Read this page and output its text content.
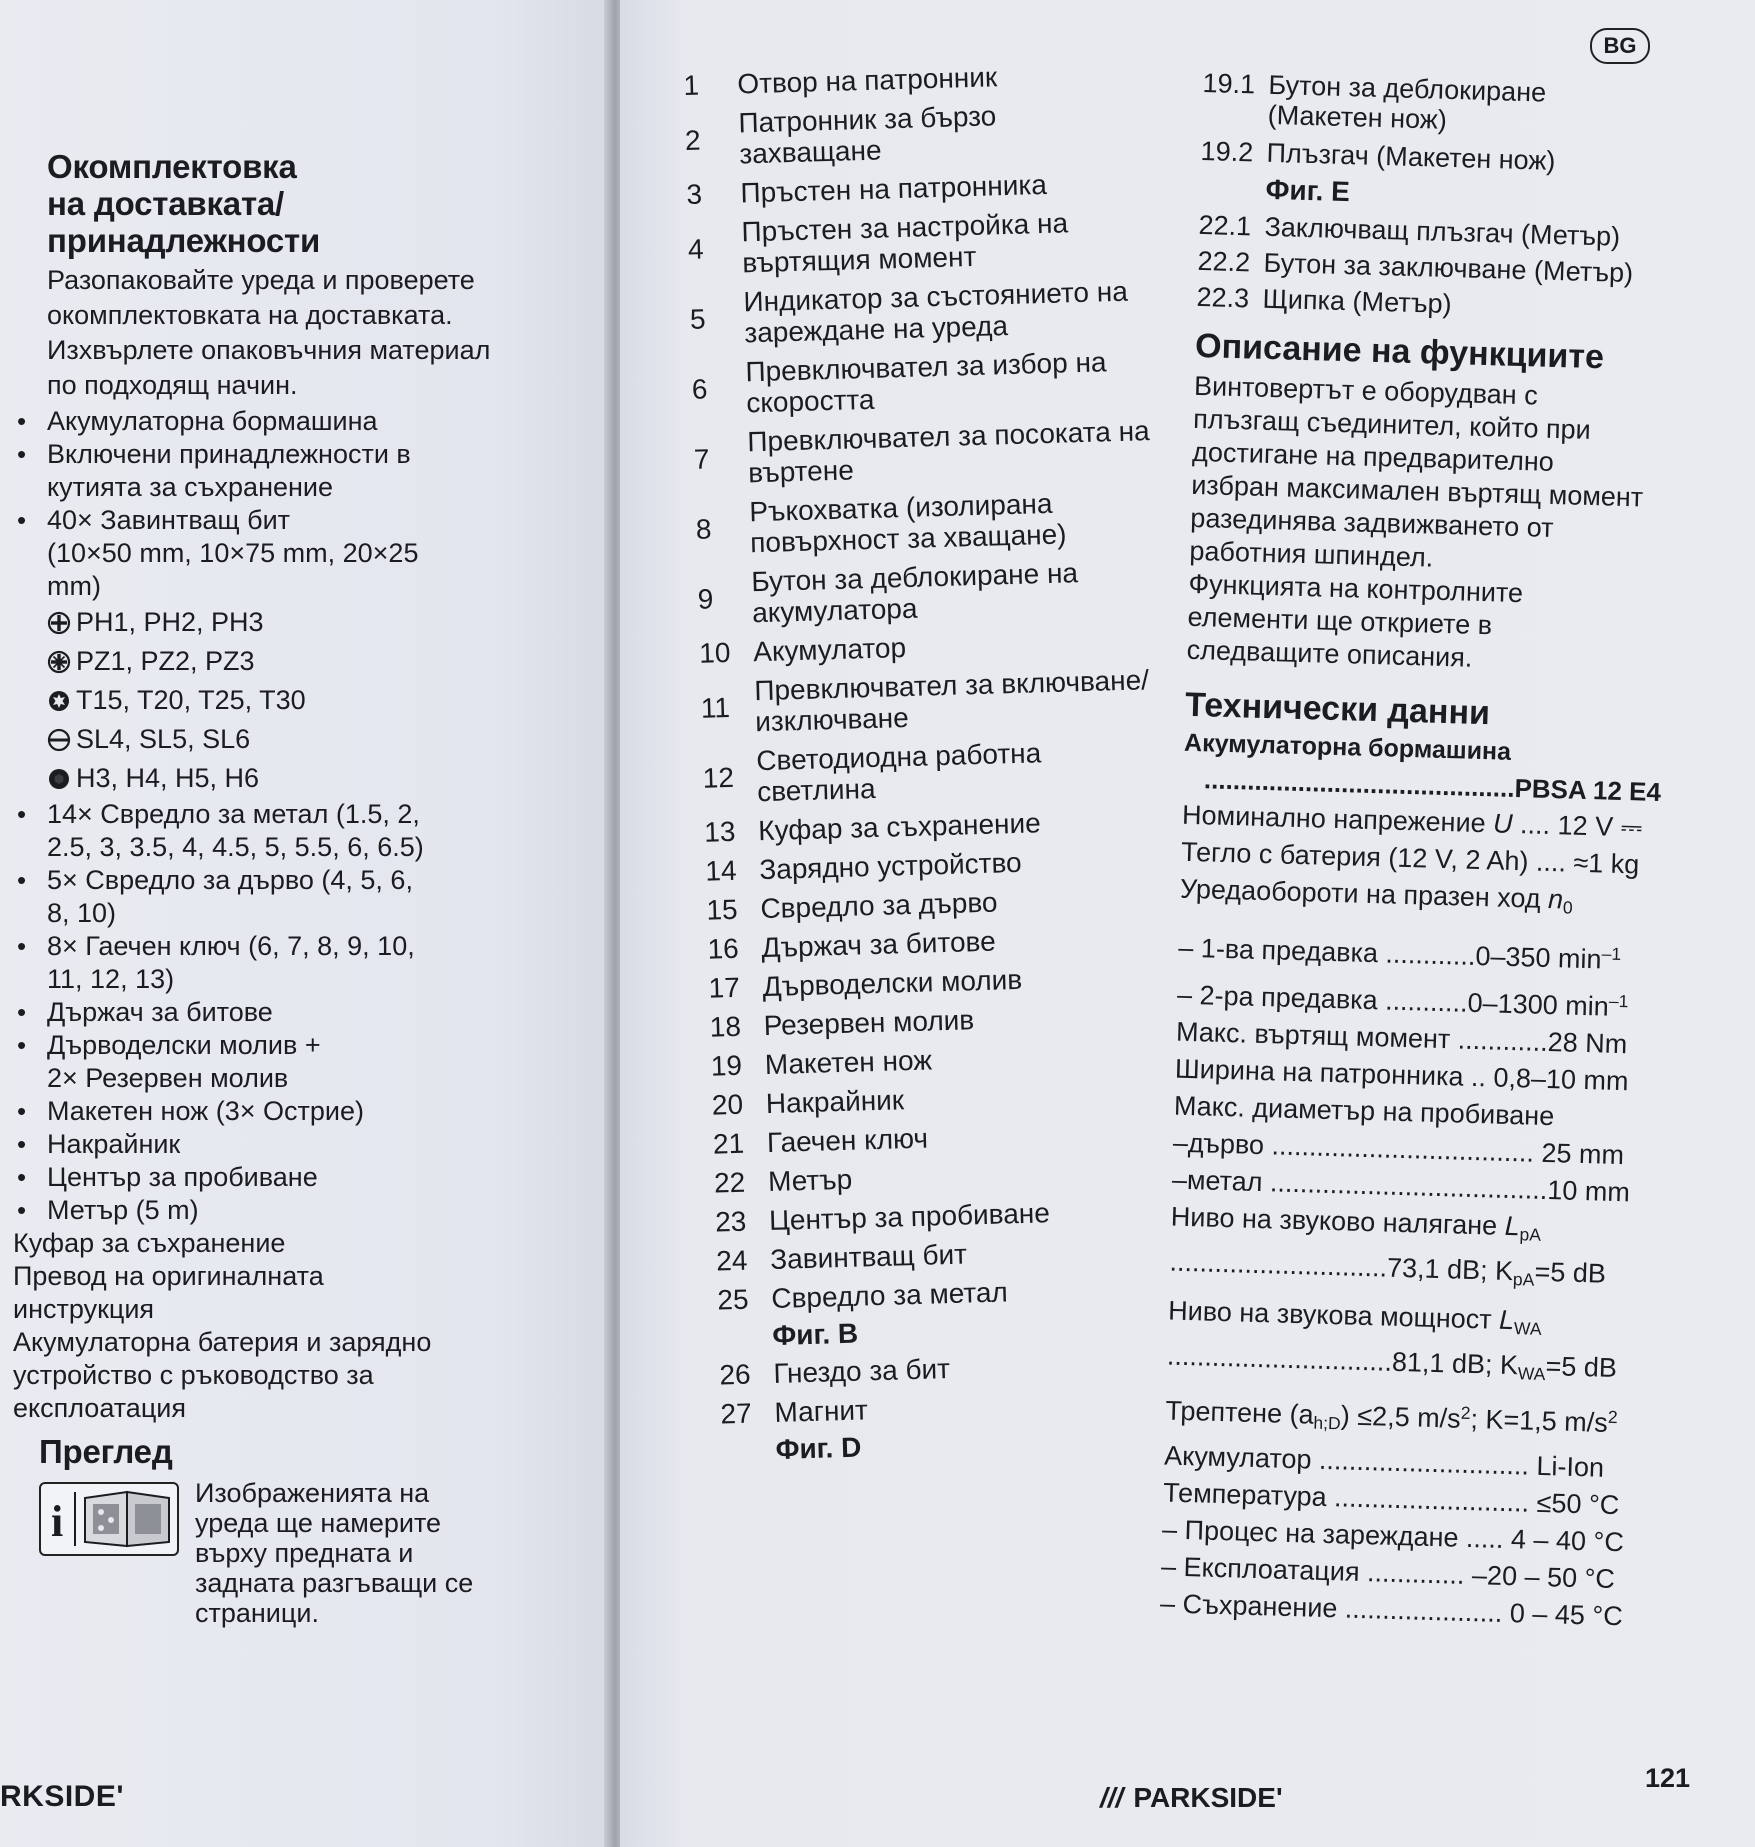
Окомплектовка
на доставката/
принадлежности
Разопаковайте уреда и проверете
окомплектовката на доставката.
Изхвърлете опаковъчния материал
по подходящ начин.
• Акумулаторна бормашина
• Включени принадлежности в
кутията за съхранение
• 40× Завинтващ бит
(10×50 mm, 10×75 mm, 20×25
mm)
PH1, PH2, PH3
PZ1, PZ2, PZ3
T15, T20, T25, T30
SL4, SL5, SL6
H3, H4, H5, H6
• 14× Свредло за метал (1.5, 2,
2.5, 3, 3.5, 4, 4.5, 5, 5.5, 6, 6.5)
• 5× Свредло за дърво (4, 5, 6,
8, 10)
• 8× Гаечен ключ (6, 7, 8, 9, 10,
11, 12, 13)
• Държач за битове
• Дърводелски молив +
2× Резервен молив
• Макетен нож (3× Острие)
• Накрайник
• Център за пробиване
• Метър (5 m)
• Куфар за съхранение
• Превод на оригиналната
инструкция
• Акумулаторна батерия и зарядно
устройство с ръководство за
експлоатация
Преглед
i
Изображенията на
уреда ще намерите
върху предната и
задната разгъващи се
страници.
RKSIDE'
BG
1	Отвор на патронник
2
Патронник за бързо
захващане
3	Пръстен на патронника
4
Пръстен за настройка на
въртящия момент
5
Индикатор за състоянието на
зареждане на уреда
6
Превключвател за избор на
скоростта
7
Превключвател за посоката на
въртене
8
Ръкохватка (изолирана
повърхност за хващане)
9
Бутон за деблокиране на
акумулатора
10 Акумулатор
11
Превключвател за включване/
изключване
12
Светодиодна работна
светлина
13 Куфар за съхранение
14 Зарядно устройство
15 Свредло за дърво
16 Държач за битове
17 Дърводелски молив
18 Резервен молив
19 Макетен нож
20 Накрайник
21 Гаечен ключ
22 Метър
23 Център за пробиване
24 Завинтващ бит
25 Свредло за метал
Фиг. B
26 Гнездо за бит
27 Магнит
Фиг. D
19.1 Бутон за деблокиране
(Макетен нож)
19.2 Плъзгач (Макетен нож)
Фиг. E
22.1 Заключващ плъзгач (Метър)
22.2 Бутон за заключване (Метър)
22.3 Щипка (Метър)
Описание на функциите
Винтовертът е оборудван с
плъзгащ съединител, който при
достигане на предварително
избран максимален въртящ момент
разединява задвижването от
работния шпиндел.
Функцията на контролните
елементи ще откриете в
следващите описания.
Технически данни
Акумулаторна бормашина
...........................................PBSA 12 E4
Номинално напрежение U .... 12 V ⎓
Тегло с батерия (12 V, 2 Ah) .... ≈1 kg
Уредаобороти на празен ход $n_0$
– 1-ва предавка ............0–350 $\min^{-1}$
– 2-ра предавка ...........0–1300 $\min^{-1}$
Макс. въртящ момент ............28 Nm
Ширина на патронника .. 0,8–10 mm
Макс. диаметър на пробиване
–дърво ................................... 25 mm
–метал .....................................10 mm
Ниво на звуково налягане $L_{pA}$
.............................73,1 dB; $K_{pA}=5$ dB
Ниво на звукова мощност $L_{WA}$
..............................81,1 dB; $K_{WA}=5$ dB
Трептене $(a_{h;D}) \le 2,5$ $m/s^2$; K=1,5 $m/s^2$
Акумулатор ............................ Li-Ion
Температура .......................... ≤50 °C
– Процес на зареждане ..... 4 – 40 °C
– Експлоатация ............. –20 – 50 °C
– Съхранение ..................... 0 – 45 °C
/// PARKSIDE'
121
